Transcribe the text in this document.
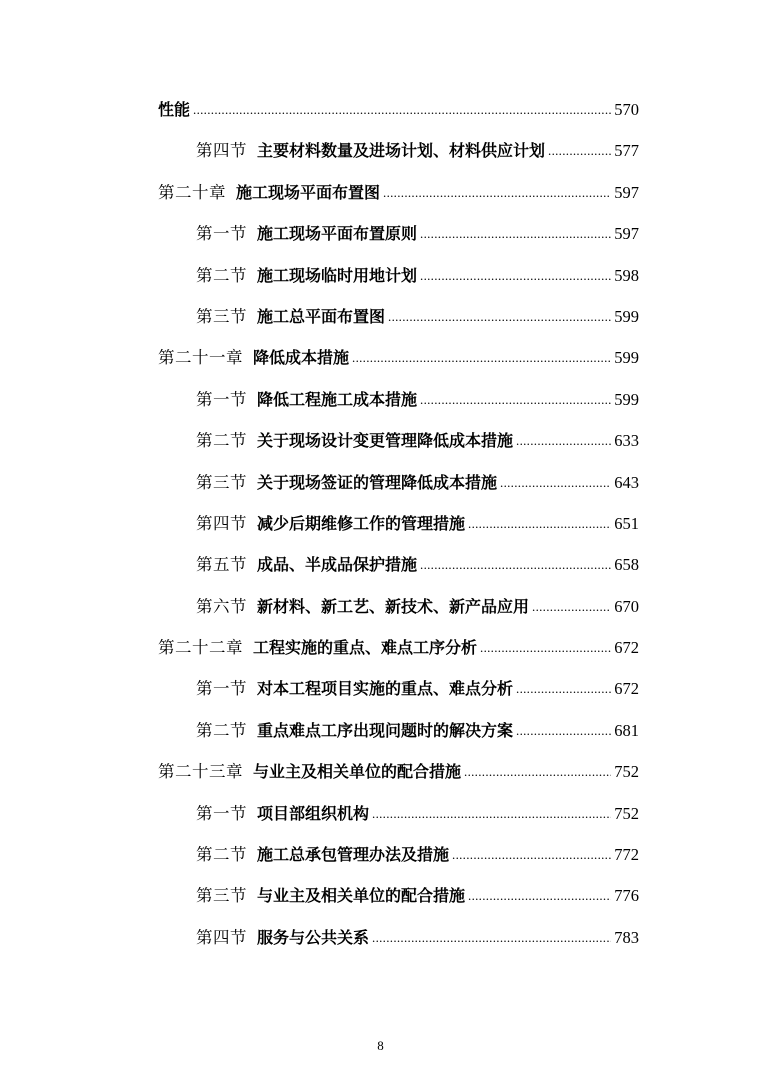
性能 .....	570
第四节 主要材料数量及进场计划、材料供应计划 .....	577
第二十章 施工现场平面布置图 .....	597
第一节 施工现场平面布置原则 .....	597
第二节 施工现场临时用地计划 .....	598
第三节 施工总平面布置图 .....	599
第二十一章 降低成本措施 .....	599
第一节 降低工程施工成本措施 .....	599
第二节 关于现场设计变更管理降低成本措施 .....	633
第三节 关于现场签证的管理降低成本措施 .....	643
第四节 减少后期维修工作的管理措施 .....	651
第五节 成品、半成品保护措施 .....	658
第六节 新材料、新工艺、新技术、新产品应用 .....	670
第二十二章 工程实施的重点、难点工序分析 .....	672
第一节 对本工程项目实施的重点、难点分析 .....	672
第二节 重点难点工序出现问题时的解决方案 .....	681
第二十三章 与业主及相关单位的配合措施 .....	752
第一节 项目部组织机构 .....	752
第二节 施工总承包管理办法及措施 .....	772
第三节 与业主及相关单位的配合措施 .....	776
第四节 服务与公共关系 .....	783
8
